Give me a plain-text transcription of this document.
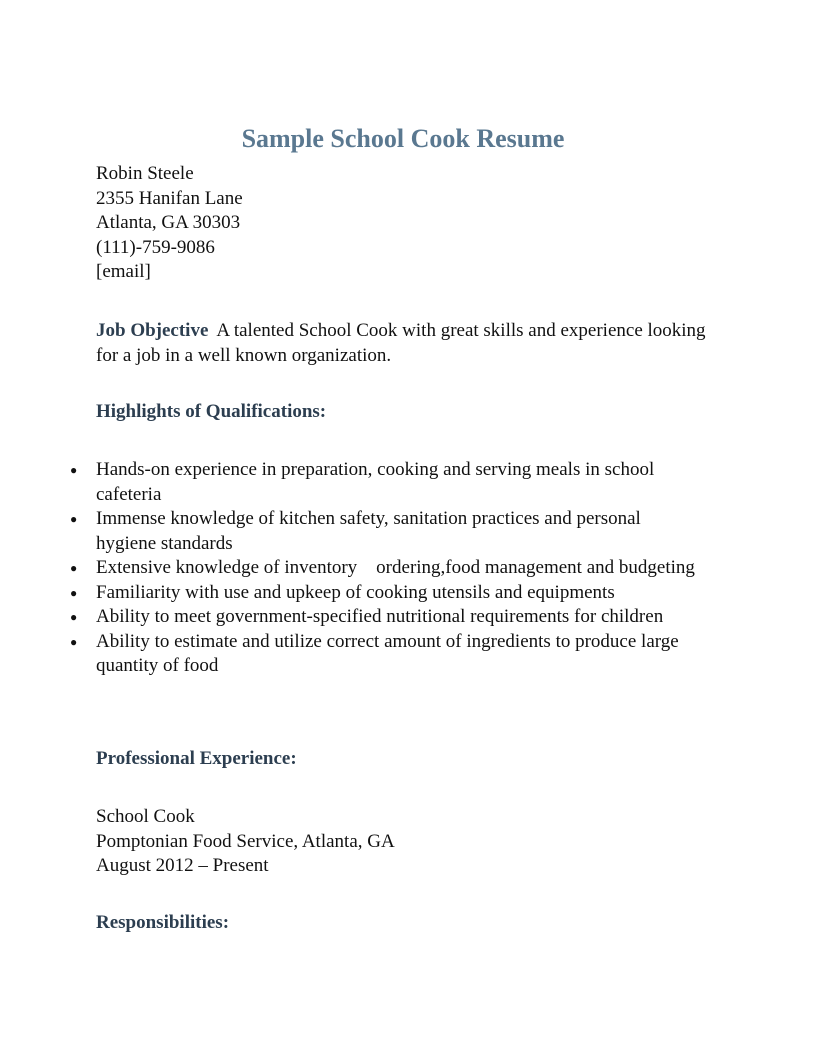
Sample School Cook Resume
Robin Steele
2355 Hanifan Lane
Atlanta, GA 30303
(111)-759-9086
[email]
Job Objective A talented School Cook with great skills and experience looking for a job in a well known organization.
Highlights of Qualifications:
● Hands-on experience in preparation, cooking and serving meals in school cafeteria
● Immense knowledge of kitchen safety, sanitation practices and personal hygiene standards
● Extensive knowledge of inventory    ordering,food management and budgeting
● Familiarity with use and upkeep of cooking utensils and equipments
● Ability to meet government-specified nutritional requirements for children
● Ability to estimate and utilize correct amount of ingredients to produce large quantity of food
Professional Experience:
School Cook
Pomptonian Food Service, Atlanta, GA
August 2012 – Present
Responsibilities:
